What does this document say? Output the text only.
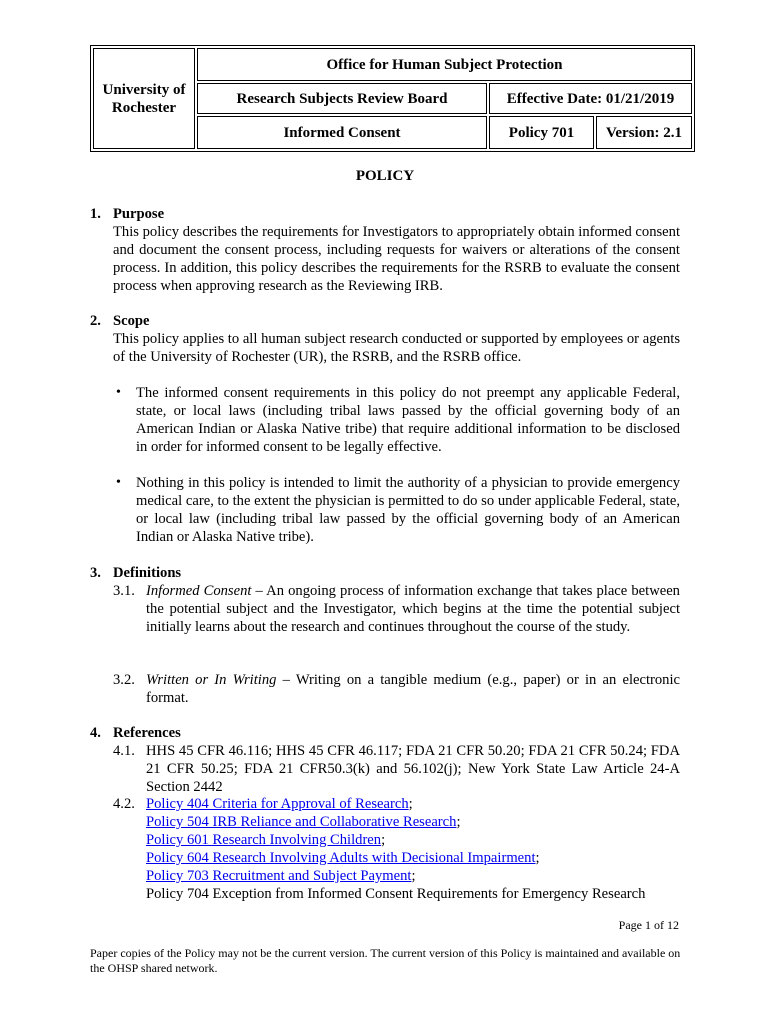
University of Rochester
Office for Human Subject Protection
Research Subjects Review Board	Effective Date: 01/21/2019
Informed Consent	Policy 701	Version: 2.1
POLICY
1. Purpose
This policy describes the requirements for Investigators to appropriately obtain informed consent and document the consent process, including requests for waivers or alterations of the consent process. In addition, this policy describes the requirements for the RSRB to evaluate the consent process when approving research as the Reviewing IRB.
2. Scope
This policy applies to all human subject research conducted or supported by employees or agents of the University of Rochester (UR), the RSRB, and the RSRB office.
• The informed consent requirements in this policy do not preempt any applicable Federal, state, or local laws (including tribal laws passed by the official governing body of an American Indian or Alaska Native tribe) that require additional information to be disclosed in order for informed consent to be legally effective.
• Nothing in this policy is intended to limit the authority of a physician to provide emergency medical care, to the extent the physician is permitted to do so under applicable Federal, state, or local law (including tribal law passed by the official governing body of an American Indian or Alaska Native tribe).
3. Definitions
3.1. Informed Consent – An ongoing process of information exchange that takes place between the potential subject and the Investigator, which begins at the time the potential subject initially learns about the research and continues throughout the course of the study.
3.2. Written or In Writing – Writing on a tangible medium (e.g., paper) or in an electronic format.
4. References
4.1. HHS 45 CFR 46.116; HHS 45 CFR 46.117; FDA 21 CFR 50.20; FDA 21 CFR 50.24; FDA 21 CFR 50.25; FDA 21 CFR50.3(k) and 56.102(j); New York State Law Article 24-A Section 2442
4.2. Policy 404 Criteria for Approval of Research;
Policy 504 IRB Reliance and Collaborative Research;
Policy 601 Research Involving Children;
Policy 604 Research Involving Adults with Decisional Impairment;
Policy 703 Recruitment and Subject Payment;
Policy 704 Exception from Informed Consent Requirements for Emergency Research
Page 1 of 12
Paper copies of the Policy may not be the current version. The current version of this Policy is maintained and available on the OHSP shared network.
